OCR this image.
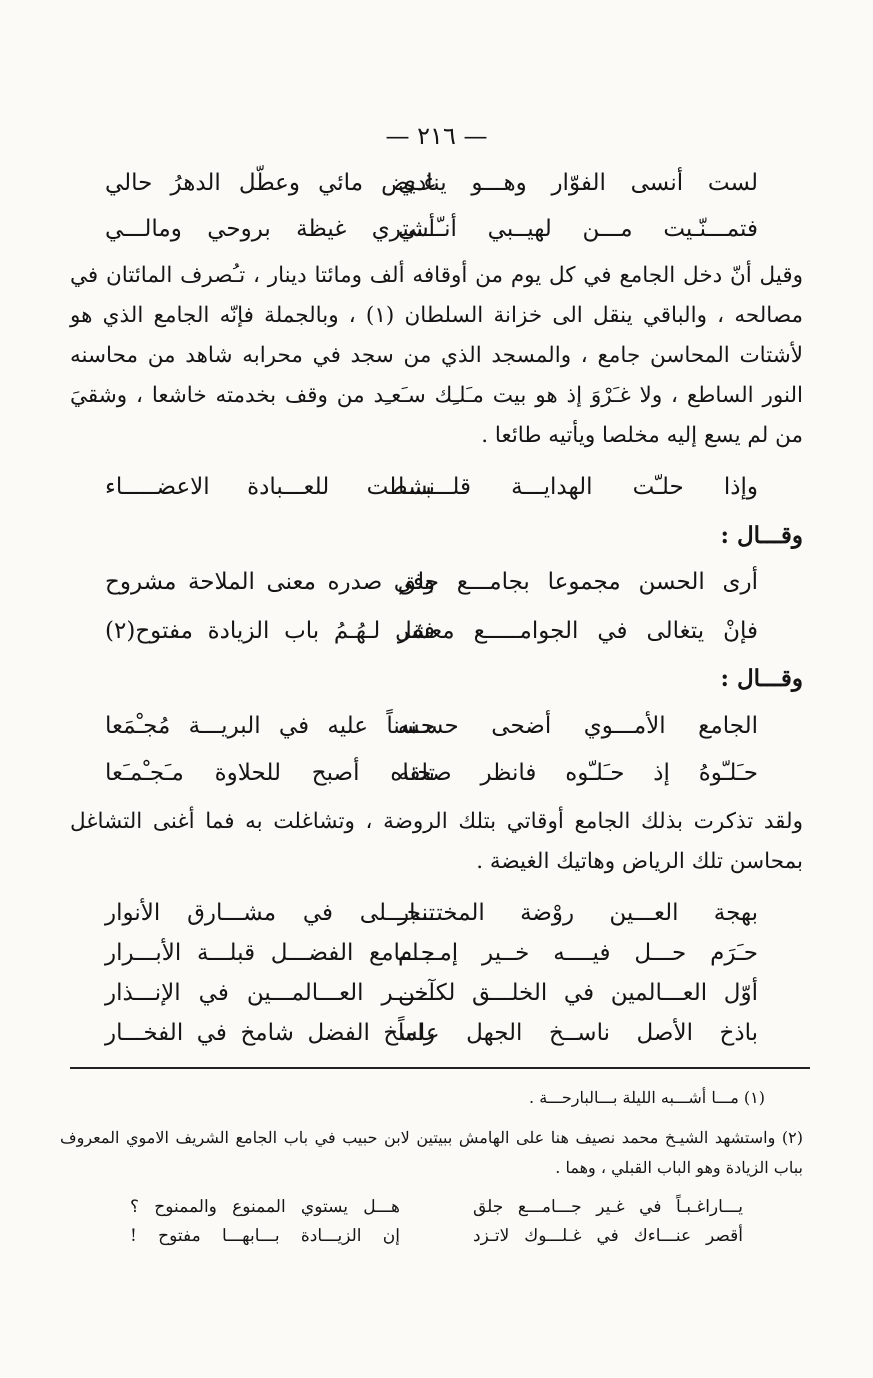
— ٢١٦ —
لست أنسى الفوّار وهـــو ينادي
غـيض مائي وعطّل الدهرُ حالي
فتمـــنّـيت مـــن لهيــبي أنـّـــي
أشتري غيظة بروحي ومالـــي

وقيل أنّ دخل الجامع في كل يوم من أوقافه ألف ومائتا دينار ، تـُصرف المائتان في مصالحه ، والباقي ينقل الى خزانة السلطان (١) ، وبالجملة فإنّه الجامع الذي هو لأشتات المحاسن جامع ، والمسجد الذي من سجد في محرابه شاهد من محاسنه النور الساطع ، ولا غـَرْوَ إذ هو بيت مـَلـِك سـَعـِد من وقف بخدمته خاشعا ، وشقيَ من لم يسع إليه مخلصا ويأتيه طائعا .

وإذا حلـّت الهدايـــة قلـــبـــا
نشطت للعـــبادة الاعضـــــاء
وقـــال :
أرى الحسن مجموعا بجامـــع جلق
وفي صدره معنى الملاحة مشروح
فإنْ يتغالى في الجوامـــــع معشر
فقل لـهُـمُ باب الزيادة مفتوح(٢)
وقـــال :
الجامع الأمـــوي أضحى حسـنه
حسناً عليه في البريـــة مُجـْمَعا
حـَلـّوهُ إذ حـَلـّوه فانظر صحنه
تلقاه أصبح للحلاوة مـَجـْمـَعا

ولقد تذكرت بذلك الجامع أوقاتي بتلك الروضة ، وتشاغلت به فما أغنى التشاغل بمحاسن تلك الرياض وهاتيك الغيضة .

بهجة العـــين روْضة المختـــار
تنجـــلى في مشـــارق الأنوار
حـَرَم حـــل فيــــه خــير إمـــام
جـــامع الفضـــل قبلـــة الأبـــرار
أوّل العـــالمين في الخلـــق لكـــن
آخـــر العـــالمـــين في الإنـــذار
باذخ الأصل ناســخ الجهل علماً
راسخ الفضل شامخ في الفخـــار
(١) مـــا أشـــبه الليلة بـــالبارحـــة .
(٢) واستشهد الشيـخ محمد نصيف هنا على الهامش ببيتين لابن حبيب في باب الجامع الشريف الاموي المعروف بباب الزيادة وهو الباب القبلي ، وهما .
يـــاراغـبـاً في غـير جـــامـــع جلق
هـــل يستوي الممنوع والممنوح ؟
أقصر عنـــاءك في غـلـــوك لاتـزد
إن الزيـــادة بـــابهـــا مفتوح !
